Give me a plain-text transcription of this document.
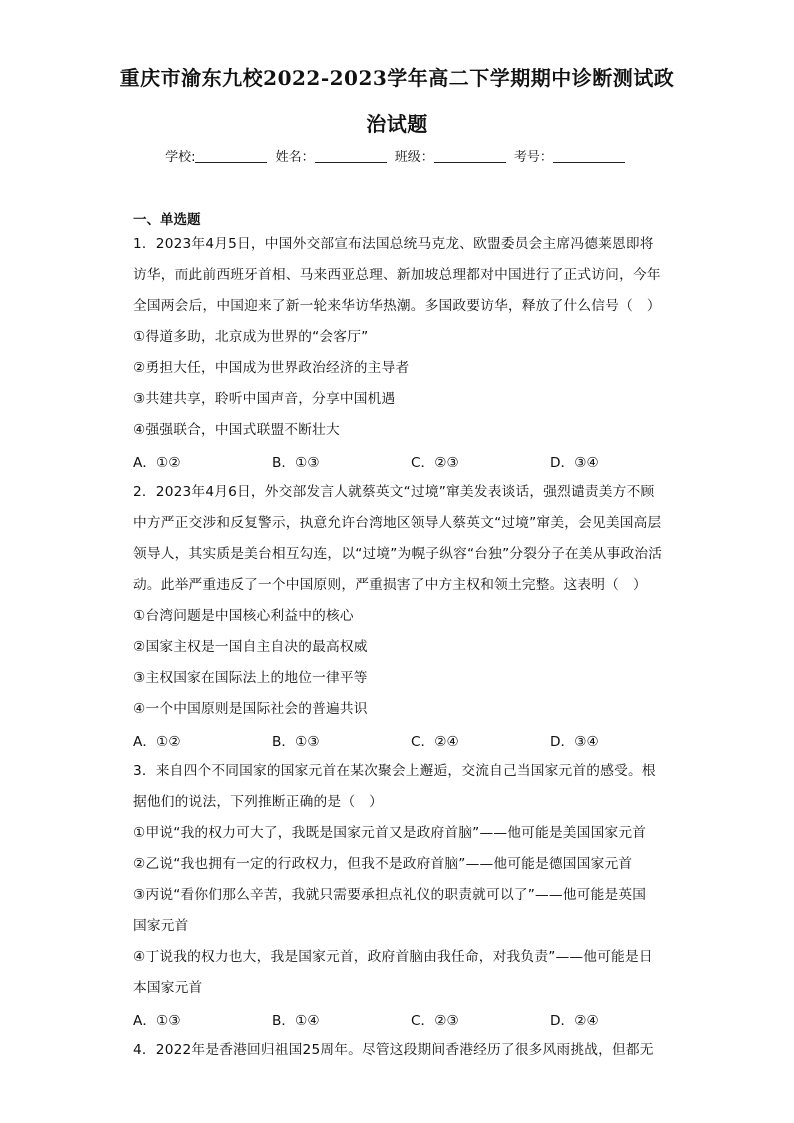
重庆市渝东九校2022-2023学年高二下学期期中诊断测试政
治试题
学校:	姓名：	班级：	考号：
一、单选题
1．2023年4月5日，中国外交部宣布法国总统马克龙、欧盟委员会主席冯德莱恩即将
访华，而此前西班牙首相、马来西亚总理、新加坡总理都对中国进行了正式访问，今年
全国两会后，中国迎来了新一轮来华访华热潮。多国政要访华，释放了什么信号（　）
①得道多助，北京成为世界的“会客厅”
②勇担大任，中国成为世界政治经济的主导者
③共建共享，聆听中国声音，分享中国机遇
④强强联合，中国式联盟不断壮大
A．①②	B．①③	C．②③	D．③④
2．2023年4月6日，外交部发言人就蔡英文“过境”窜美发表谈话，强烈谴责美方不顾
中方严正交涉和反复警示，执意允许台湾地区领导人蔡英文“过境”窜美，会见美国高层
领导人，其实质是美台相互勾连，以“过境”为幌子纵容“台独”分裂分子在美从事政治活
动。此举严重违反了一个中国原则，严重损害了中方主权和领土完整。这表明（　）
①台湾问题是中国核心利益中的核心
②国家主权是一国自主自决的最高权威
③主权国家在国际法上的地位一律平等
④一个中国原则是国际社会的普遍共识
A．①②	B．①③	C．②④	D．③④
3．来自四个不同国家的国家元首在某次聚会上邂逅，交流自己当国家元首的感受。根
据他们的说法，下列推断正确的是（　）
①甲说“我的权力可大了，我既是国家元首又是政府首脑”——他可能是美国国家元首
②乙说“我也拥有一定的行政权力，但我不是政府首脑”——他可能是德国国家元首
③丙说“看你们那么辛苦，我就只需要承担点礼仪的职责就可以了”——他可能是英国
国家元首
④丁说我的权力也大，我是国家元首，政府首脑由我任命，对我负责”——他可能是日
本国家元首
A．①③	B．①④	C．②③	D．②④
4．2022年是香港回归祖国25周年。尽管这段期间香港经历了很多风雨挑战，但都无
